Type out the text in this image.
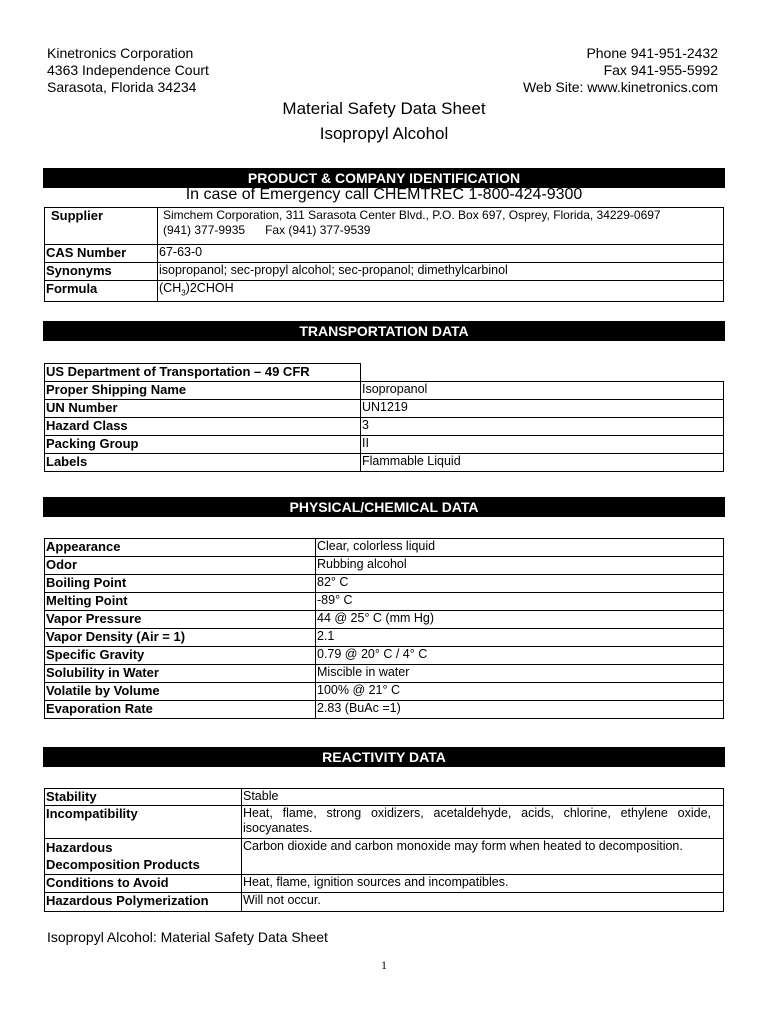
Kinetronics Corporation
4363 Independence Court
Sarasota, Florida 34234
Phone 941-951-2432
Fax 941-955-5992
Web Site: www.kinetronics.com
Material Safety Data Sheet
Isopropyl Alcohol
PRODUCT & COMPANY IDENTIFICATION
In case of Emergency call CHEMTREC 1-800-424-9300
Supplier	Simchem Corporation, 311 Sarasota Center Blvd., P.O. Box 697, Osprey, Florida, 34229-0697
(941) 377-9935      Fax (941) 377-9539

CAS Number	67-63-0
Synonyms	isopropanol; sec-propyl alcohol; sec-propanol; dimethylcarbinol
Formula	$(CH_3)2CHOH$
TRANSPORTATION DATA
US Department of Transportation – 49 CFR	
Proper Shipping Name	Isopropanol
UN Number	UN1219
Hazard Class	3
Packing Group	II
Labels	Flammable Liquid
PHYSICAL/CHEMICAL DATA
Appearance	Clear, colorless liquid
Odor	Rubbing alcohol
Boiling Point	82° C
Melting Point	-89° C
Vapor Pressure	44 @ 25° C (mm Hg)
Vapor Density (Air = 1)	2.1
Specific Gravity	0.79 @ 20° C / 4° C
Solubility in Water	Miscible in water
Volatile by Volume	100% @ 21° C
Evaporation Rate	2.83 (BuAc =1)
REACTIVITY DATA
Stability	Stable
Incompatibility	Heat, flame, strong oxidizers, acetaldehyde, acids, chlorine, ethylene oxide, isocyanates.

Hazardous
Decomposition Products	Carbon dioxide and carbon monoxide may form when heated to decomposition.
Conditions to Avoid	Heat, flame, ignition sources and incompatibles.
Hazardous Polymerization	Will not occur.
Isopropyl Alcohol: Material Safety Data Sheet
1
